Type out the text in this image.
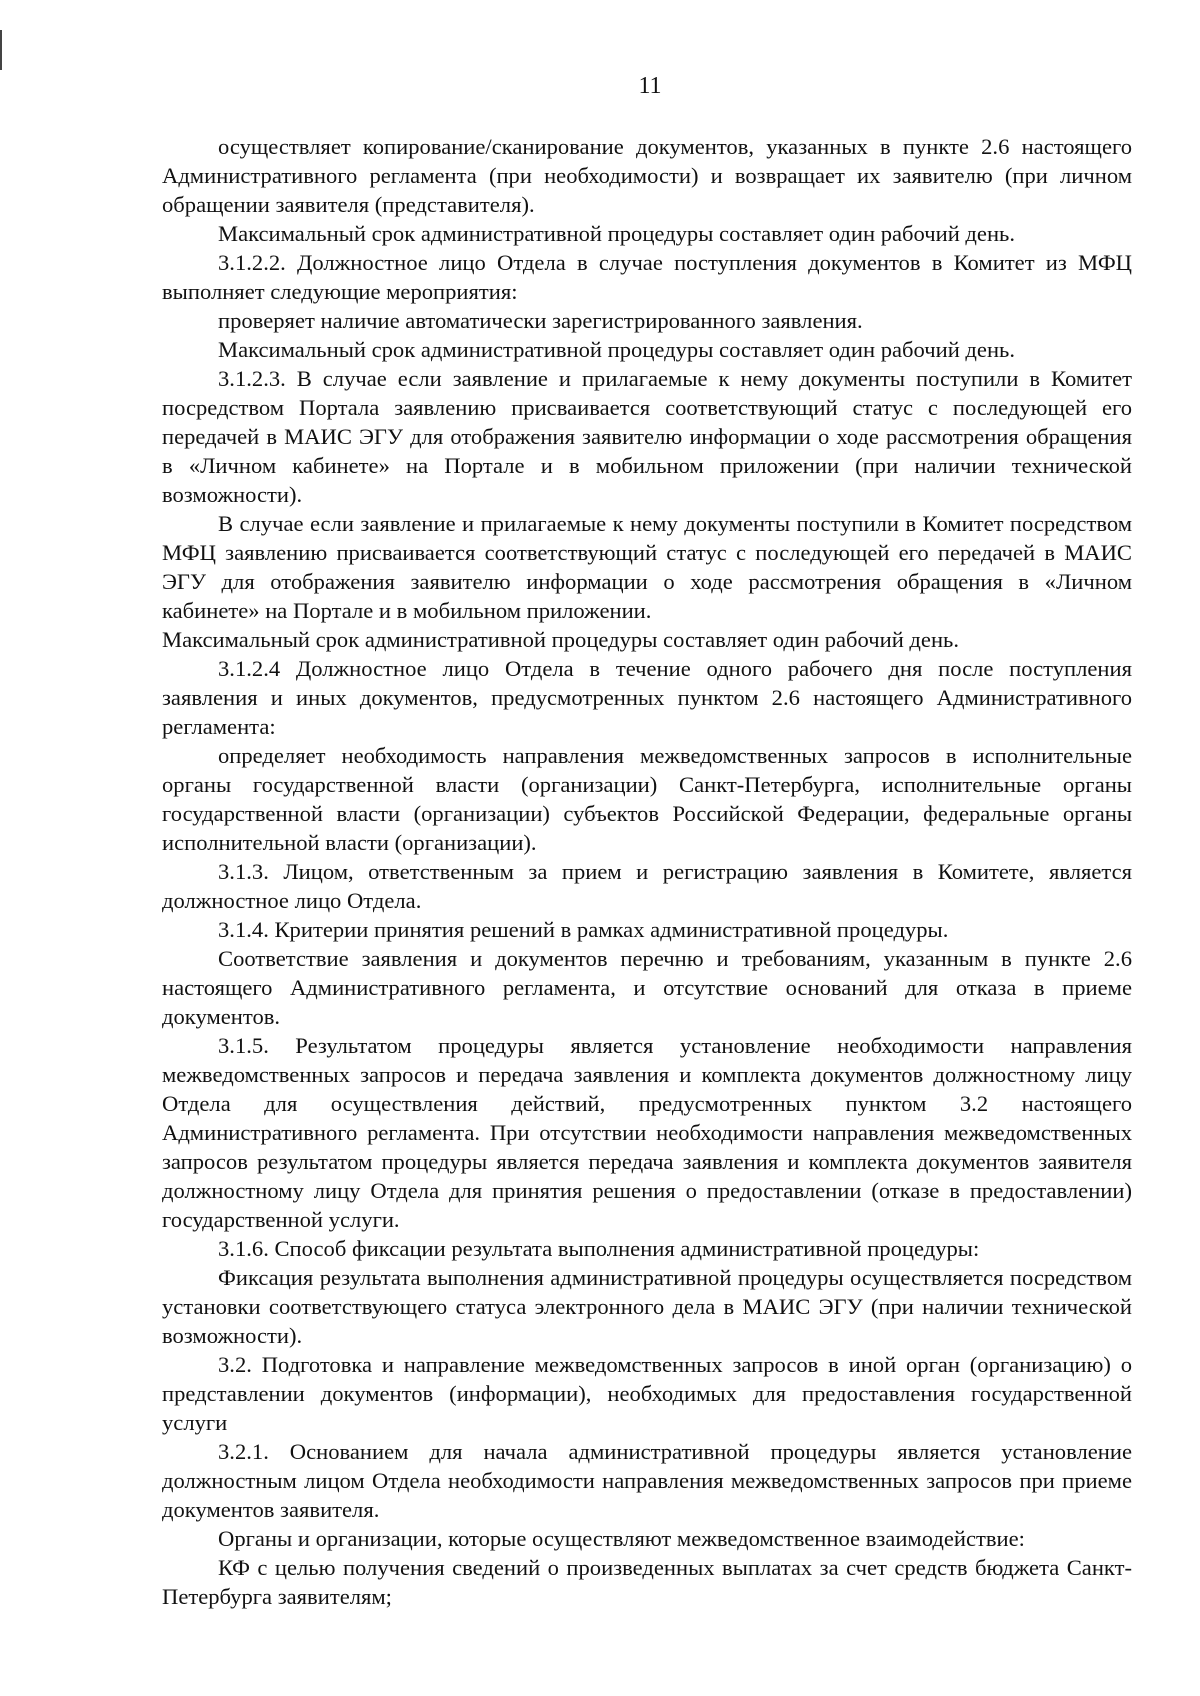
11

осуществляет копирование/сканирование документов, указанных в пункте 2.6 настоящего Административного регламента (при необходимости) и возвращает их заявителю (при личном обращении заявителя (представителя).

Максимальный срок административной процедуры составляет один рабочий день.

3.1.2.2. Должностное лицо Отдела в случае поступления документов в Комитет из МФЦ выполняет следующие мероприятия:

проверяет наличие автоматически зарегистрированного заявления.

Максимальный срок административной процедуры составляет один рабочий день.

3.1.2.3. В случае если заявление и прилагаемые к нему документы поступили в Комитет посредством Портала заявлению присваивается соответствующий статус с последующей его передачей в МАИС ЭГУ для отображения заявителю информации о ходе рассмотрения обращения в «Личном кабинете» на Портале и в мобильном приложении (при наличии технической возможности).

В случае если заявление и прилагаемые к нему документы поступили в Комитет посредством МФЦ заявлению присваивается соответствующий статус с последующей его передачей в МАИС ЭГУ для отображения заявителю информации о ходе рассмотрения обращения в «Личном кабинете» на Портале и в мобильном приложении.

Максимальный срок административной процедуры составляет один рабочий день.

3.1.2.4 Должностное лицо Отдела в течение одного рабочего дня после поступления заявления и иных документов, предусмотренных пунктом 2.6 настоящего Административного регламента:

определяет необходимость направления межведомственных запросов в исполнительные органы государственной власти (организации) Санкт-Петербурга, исполнительные органы государственной власти (организации) субъектов Российской Федерации, федеральные органы исполнительной власти (организации).

3.1.3. Лицом, ответственным за прием и регистрацию заявления в Комитете, является должностное лицо Отдела.

3.1.4. Критерии принятия решений в рамках административной процедуры.

Соответствие заявления и документов перечню и требованиям, указанным в пункте 2.6 настоящего Административного регламента, и отсутствие оснований для отказа в приеме документов.

3.1.5. Результатом процедуры является установление необходимости направления межведомственных запросов и передача заявления и комплекта документов должностному лицу Отдела для осуществления действий, предусмотренных пунктом 3.2 настоящего Административного регламента. При отсутствии необходимости направления межведомственных запросов результатом процедуры является передача заявления и комплекта документов заявителя должностному лицу Отдела для принятия решения о предоставлении (отказе в предоставлении) государственной услуги.

3.1.6. Способ фиксации результата выполнения административной процедуры:

Фиксация результата выполнения административной процедуры осуществляется посредством установки соответствующего статуса электронного дела в МАИС ЭГУ (при наличии технической возможности).

3.2. Подготовка и направление межведомственных запросов в иной орган (организацию) о представлении документов (информации), необходимых для предоставления государственной услуги

3.2.1. Основанием для начала административной процедуры является установление должностным лицом Отдела необходимости направления межведомственных запросов при приеме документов заявителя.

Органы и организации, которые осуществляют межведомственное взаимодействие:

КФ с целью получения сведений о произведенных выплатах за счет средств бюджета Санкт-Петербурга заявителям;
